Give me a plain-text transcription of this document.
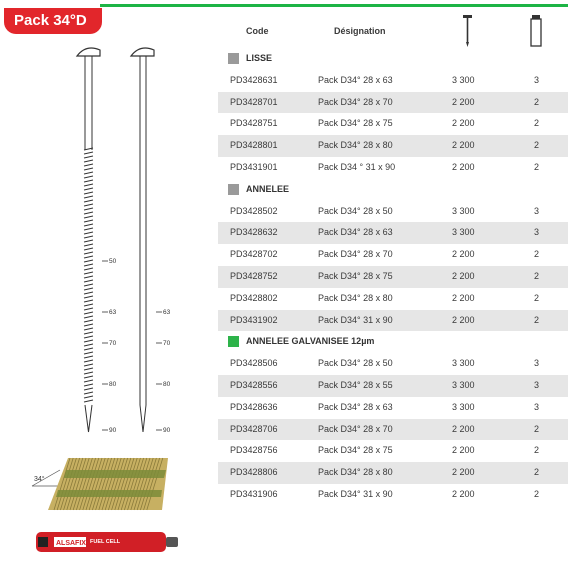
Pack 34°D
50
63
70
80
90
63
70
80
90
34°
ALSAFIX FUEL CELL
Code	Désignation
LISSE
PD3428631	Pack D34° 28 x 63	3 300	3
PD3428701	Pack D34° 28 x 70	2 200	2
PD3428751	Pack D34° 28 x 75	2 200	2
PD3428801	Pack D34° 28 x 80	2 200	2
PD3431901	Pack D34 ° 31 x 90	2 200	2
ANNELEE
PD3428502	Pack D34° 28 x 50	3 300	3
PD3428632	Pack D34° 28 x 63	3 300	3
PD3428702	Pack D34° 28 x 70	2 200	2
PD3428752	Pack D34° 28 x 75	2 200	2
PD3428802	Pack D34° 28 x 80	2 200	2
PD3431902	Pack D34° 31 x 90	2 200	2
ANNELEE GALVANISEE 12µm
PD3428506	Pack D34° 28 x 50	3 300	3
PD3428556	Pack D34° 28 x 55	3 300	3
PD3428636	Pack D34° 28 x 63	3 300	3
PD3428706	Pack D34° 28 x 70	2 200	2
PD3428756	Pack D34° 28 x 75	2 200	2
PD3428806	Pack D34° 28 x 80	2 200	2
PD3431906	Pack D34° 31 x 90	2 200	2
